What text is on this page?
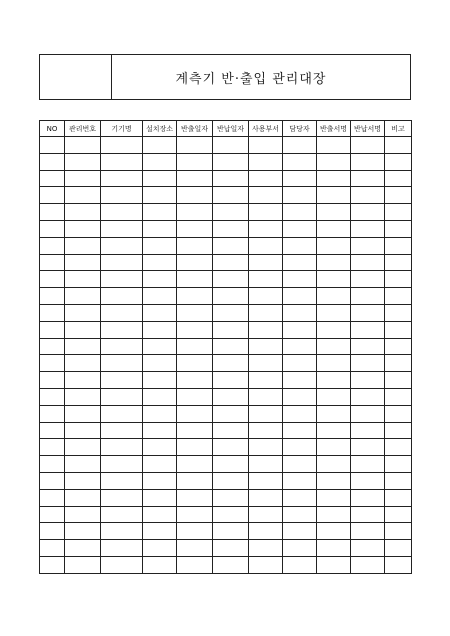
계측기 반·출입 관리대장
NO	관리번호	기기명	설치장소	반출일자	반납일자	사용부서	담당자	반출서명	반납서명	비고
